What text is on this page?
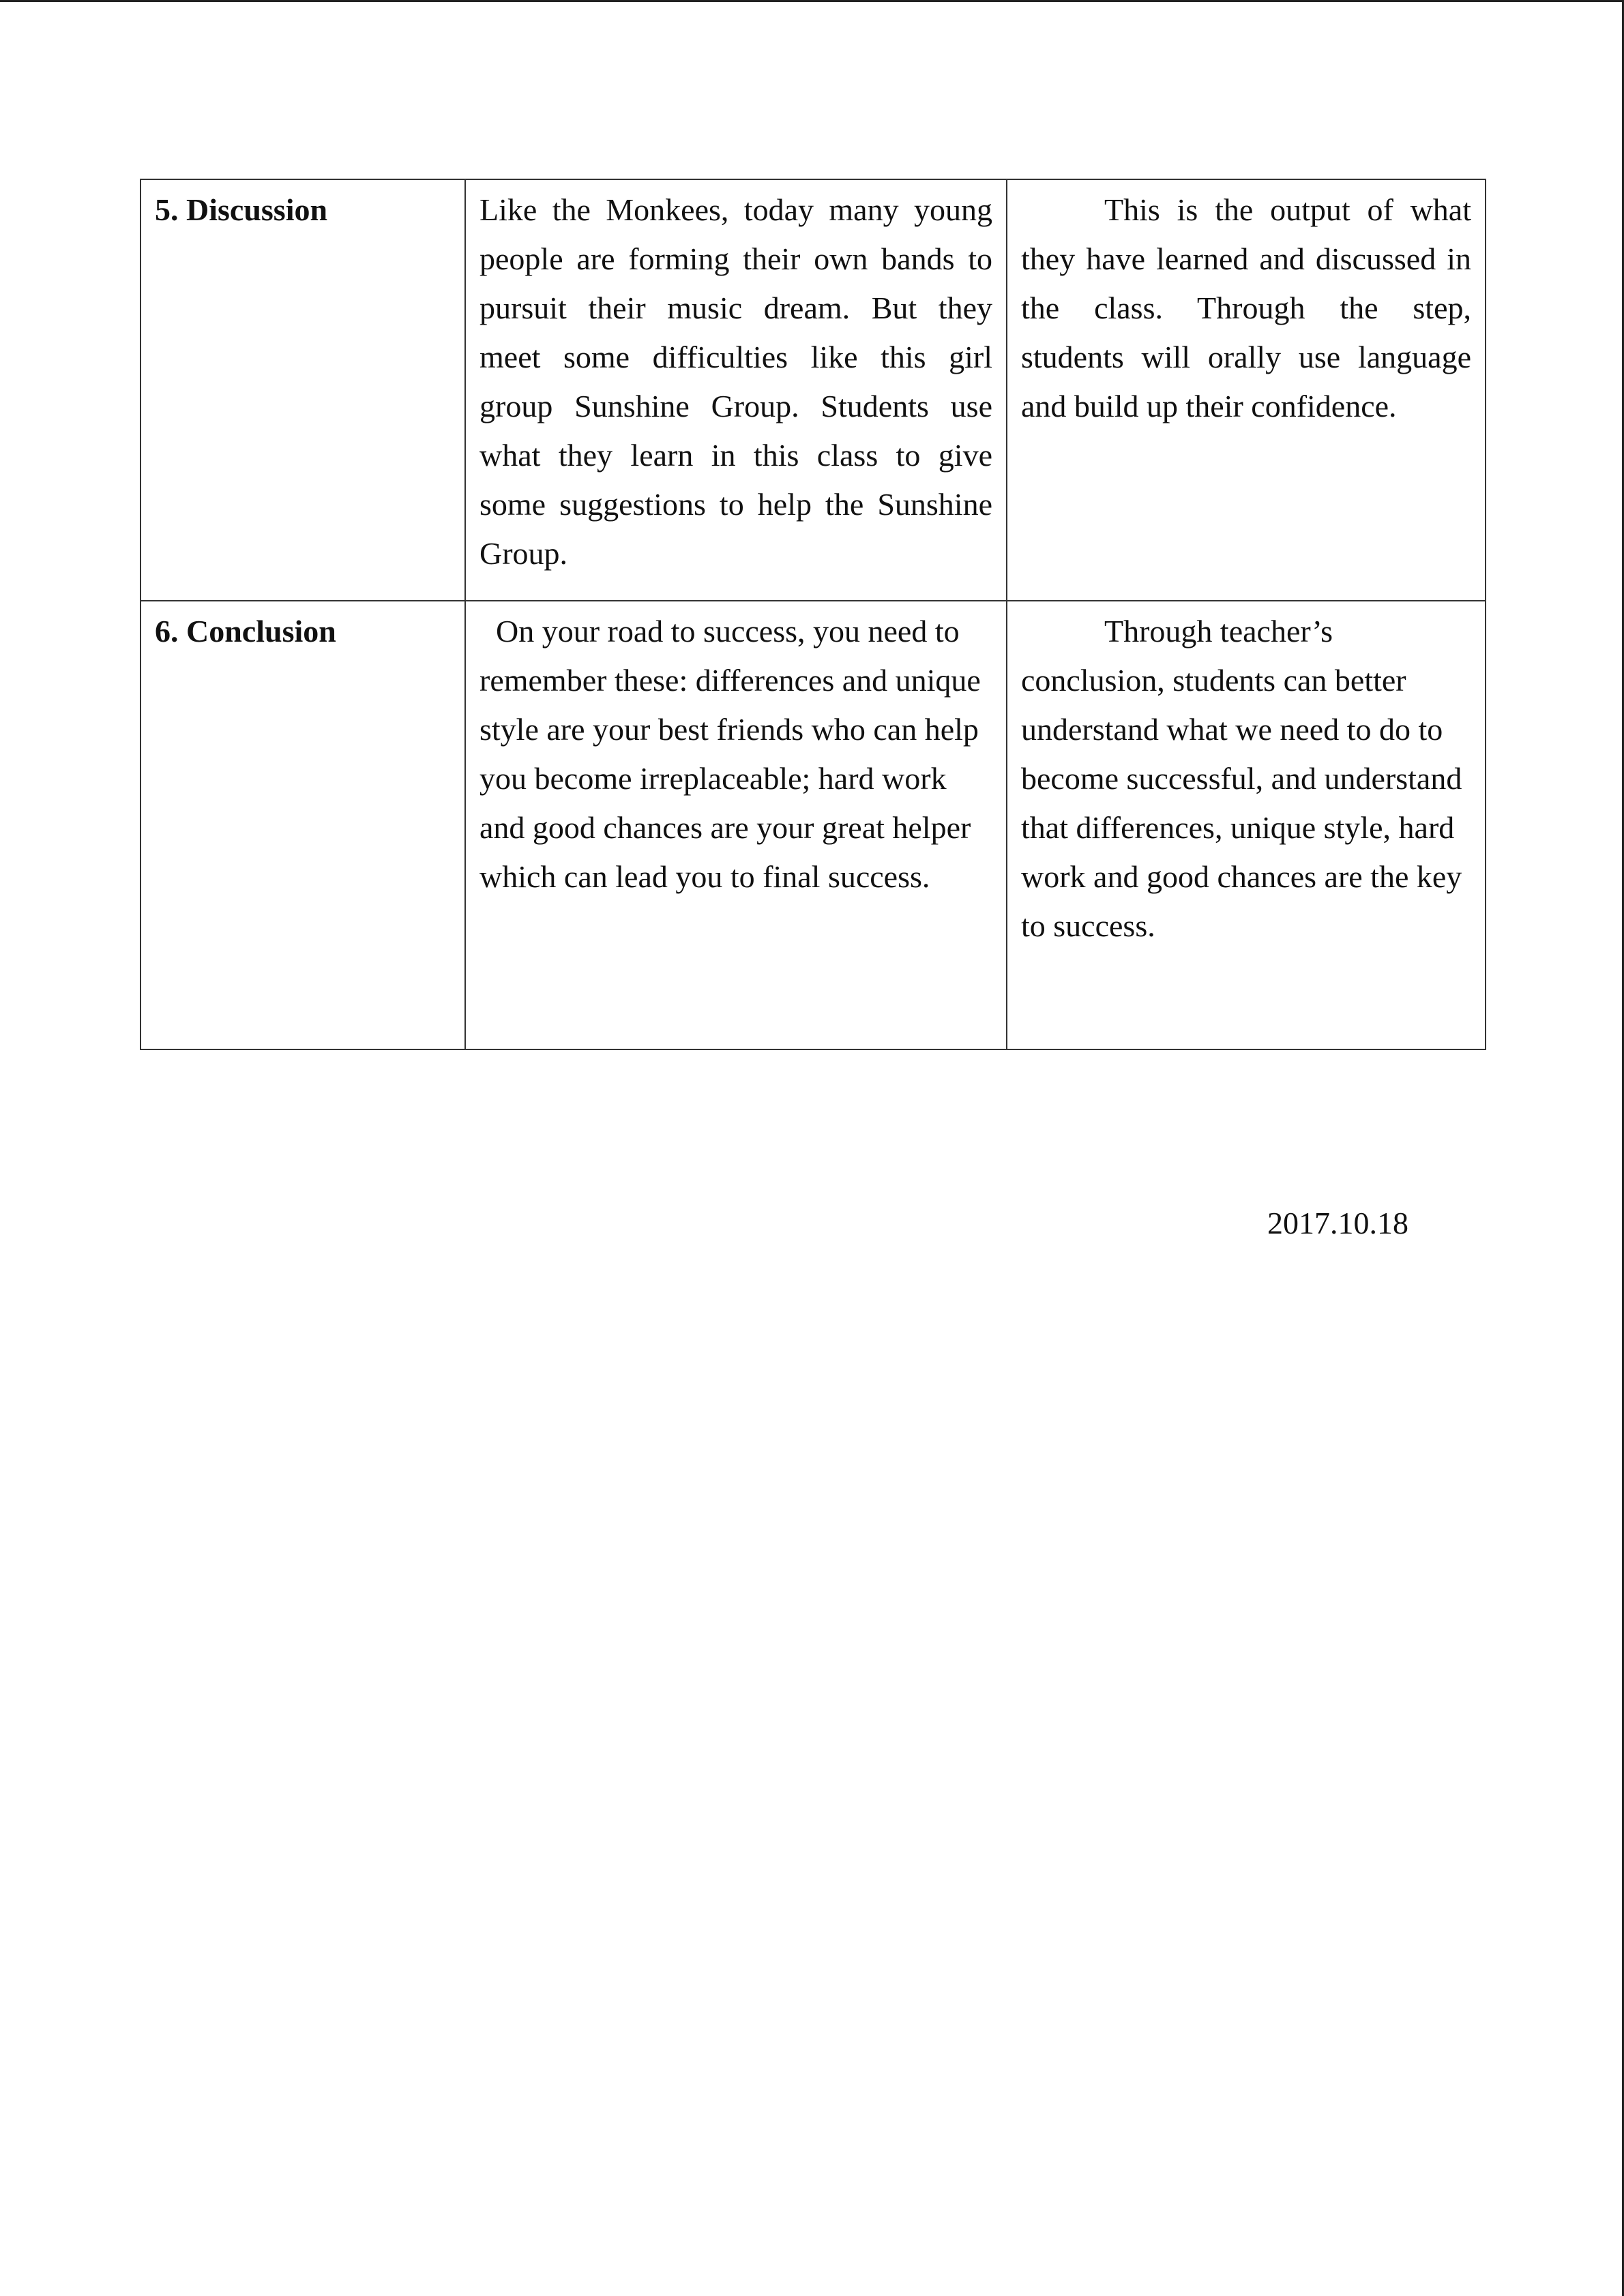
5. Discussion	Like the Monkees, today many young people are forming their own bands to pursuit their music dream. But they meet some difficulties like this girl group Sunshine Group. Students use what they learn in this class to give some suggestions to help the Sunshine Group.	This is the output of what they have learned and discussed in the class. Through the step, students will orally use language and build up their confidence.
6. Conclusion	On your road to success, you need to remember these: differences and unique style are your best friends who can help you become irreplaceable; hard work and good chances are your great helper which can lead you to final success.	Through teacher’s conclusion, students can better understand what we need to do to become successful, and understand that differences, unique style, hard work and good chances are the key to success.
2017.10.18
